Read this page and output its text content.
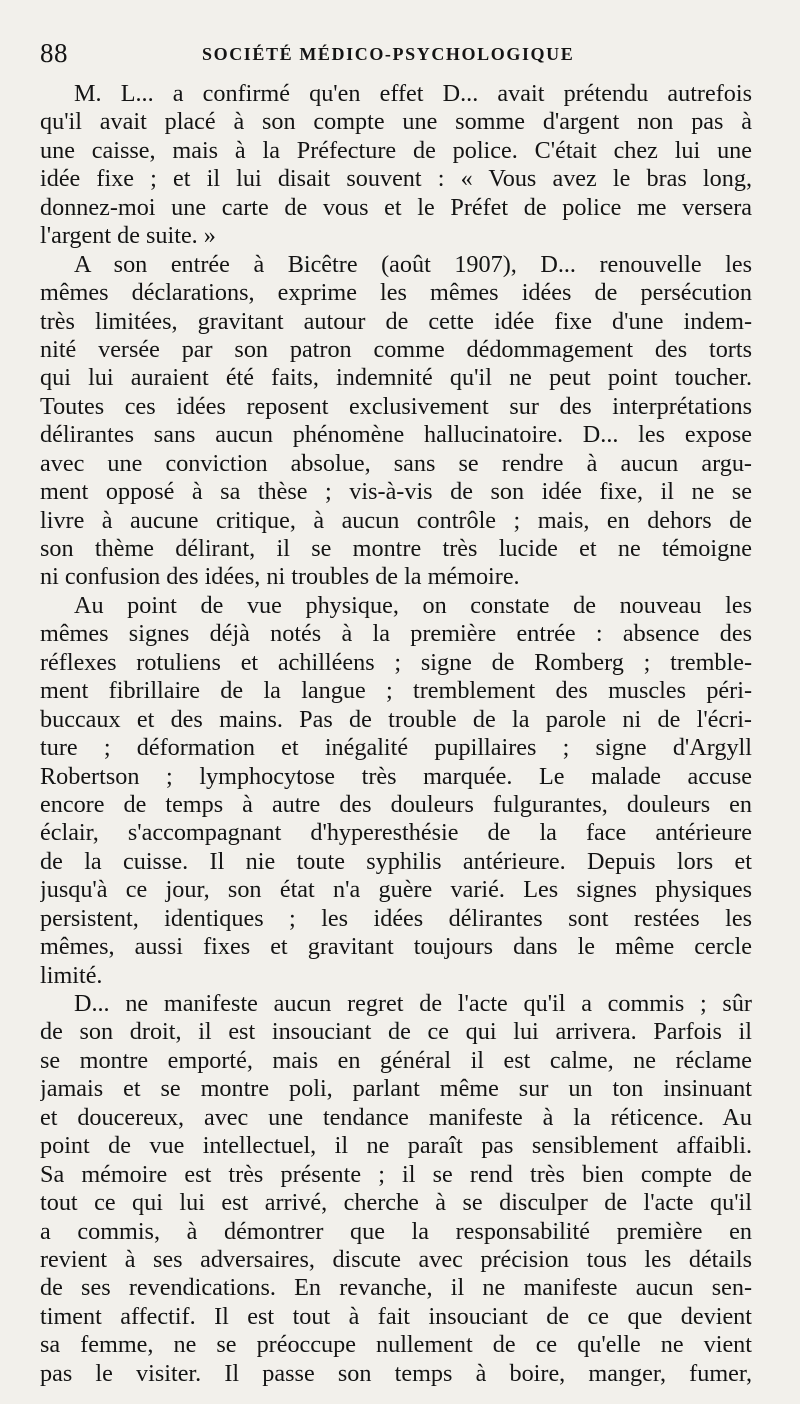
88	SOCIÉTÉ MÉDICO-PSYCHOLOGIQUE
M. L... a confirmé qu'en effet D... avait prétendu autrefois
qu'il avait placé à son compte une somme d'argent non pas à
une caisse, mais à la Préfecture de police. C'était chez lui une
idée fixe ; et il lui disait souvent : « Vous avez le bras long,
donnez-moi une carte de vous et le Préfet de police me versera
l'argent de suite. »
A son entrée à Bicêtre (août 1907), D... renouvelle les
mêmes déclarations, exprime les mêmes idées de persécution
très limitées, gravitant autour de cette idée fixe d'une indem-
nité versée par son patron comme dédommagement des torts
qui lui auraient été faits, indemnité qu'il ne peut point toucher.
Toutes ces idées reposent exclusivement sur des interprétations
délirantes sans aucun phénomène hallucinatoire. D... les expose
avec une conviction absolue, sans se rendre à aucun argu-
ment opposé à sa thèse ; vis-à-vis de son idée fixe, il ne se
livre à aucune critique, à aucun contrôle ; mais, en dehors de
son thème délirant, il se montre très lucide et ne témoigne
ni confusion des idées, ni troubles de la mémoire.
Au point de vue physique, on constate de nouveau les
mêmes signes déjà notés à la première entrée : absence des
réflexes rotuliens et achilléens ; signe de Romberg ; tremble-
ment fibrillaire de la langue ; tremblement des muscles péri-
buccaux et des mains. Pas de trouble de la parole ni de l'écri-
ture ; déformation et inégalité pupillaires ; signe d'Argyll
Robertson ; lymphocytose très marquée. Le malade accuse
encore de temps à autre des douleurs fulgurantes, douleurs en
éclair, s'accompagnant d'hyperesthésie de la face antérieure
de la cuisse. Il nie toute syphilis antérieure. Depuis lors et
jusqu'à ce jour, son état n'a guère varié. Les signes physiques
persistent, identiques ; les idées délirantes sont restées les
mêmes, aussi fixes et gravitant toujours dans le même cercle
limité.
D... ne manifeste aucun regret de l'acte qu'il a commis ; sûr
de son droit, il est insouciant de ce qui lui arrivera. Parfois il
se montre emporté, mais en général il est calme, ne réclame
jamais et se montre poli, parlant même sur un ton insinuant
et doucereux, avec une tendance manifeste à la réticence. Au
point de vue intellectuel, il ne paraît pas sensiblement affaibli.
Sa mémoire est très présente ; il se rend très bien compte de
tout ce qui lui est arrivé, cherche à se disculper de l'acte qu'il
a commis, à démontrer que la responsabilité première en
revient à ses adversaires, discute avec précision tous les détails
de ses revendications. En revanche, il ne manifeste aucun sen-
timent affectif. Il est tout à fait insouciant de ce que devient
sa femme, ne se préoccupe nullement de ce qu'elle ne vient
pas le visiter. Il passe son temps à boire, manger, fumer,
